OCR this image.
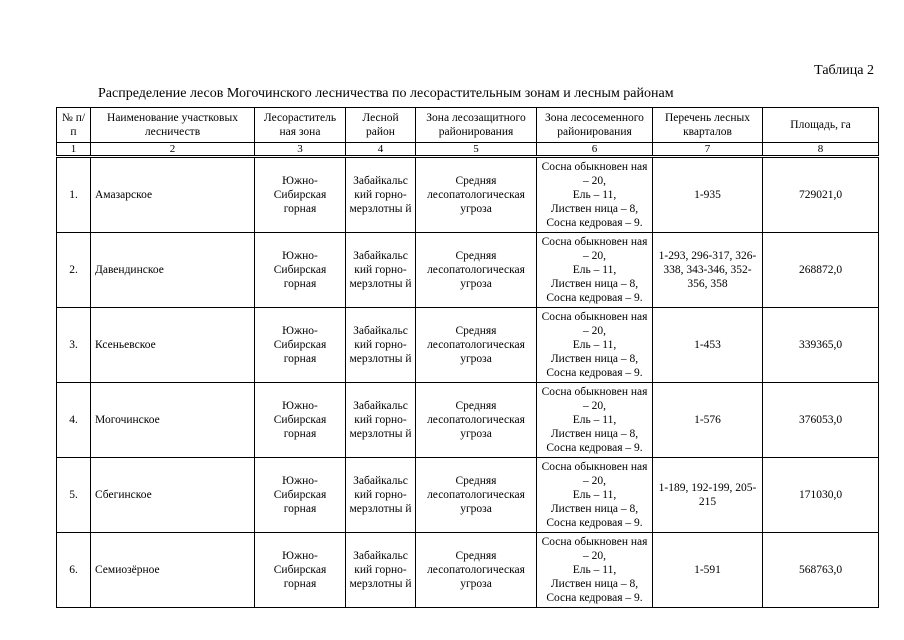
Таблица 2
Распределение лесов Могочинского лесничества по лесорастительным зонам и лесным районам
№ п/п	Наименование участковых лесничеств	Лесораститель ная зона	Лесной район	Зона лесозащитного районирования	Зона лесосеменного районирования	Перечень лесных кварталов	Площадь, га
1	2	3	4	5	6	7	8
1.	Амазарское	Южно-Сибирская горная	Забайкальс кий горно-мерзлотны й	Средняя лесопатологическая угроза	Сосна обыкновен ная – 20,
Ель – 11,
Листвен ница – 8,
Сосна кедровая – 9.	1-935	729021,0
2.	Давендинское	Южно-Сибирская горная	Забайкальс кий горно-мерзлотны й	Средняя лесопатологическая угроза	Сосна обыкновен ная – 20,
Ель – 11,
Листвен ница – 8,
Сосна кедровая – 9.	1-293, 296-317, 326-338, 343-346, 352-356, 358	268872,0
3.	Ксеньевское	Южно-Сибирская горная	Забайкальс кий горно-мерзлотны й	Средняя лесопатологическая угроза	Сосна обыкновен ная – 20,
Ель – 11,
Листвен ница – 8,
Сосна кедровая – 9.	1-453	339365,0
4.	Могочинское	Южно-Сибирская горная	Забайкальс кий горно-мерзлотны й	Средняя лесопатологическая угроза	Сосна обыкновен ная – 20,
Ель – 11,
Листвен ница – 8,
Сосна кедровая – 9.	1-576	376053,0
5.	Сбегинское	Южно-Сибирская горная	Забайкальс кий горно-мерзлотны й	Средняя лесопатологическая угроза	Сосна обыкновен ная – 20,
Ель – 11,
Листвен ница – 8,
Сосна кедровая – 9.	1-189, 192-199, 205-215	171030,0
6.	Семиозёрное	Южно-Сибирская горная	Забайкальс кий горно-мерзлотны й	Средняя лесопатологическая угроза	Сосна обыкновен ная – 20,
Ель – 11,
Листвен ница – 8,
Сосна кедровая – 9.	1-591	568763,0
